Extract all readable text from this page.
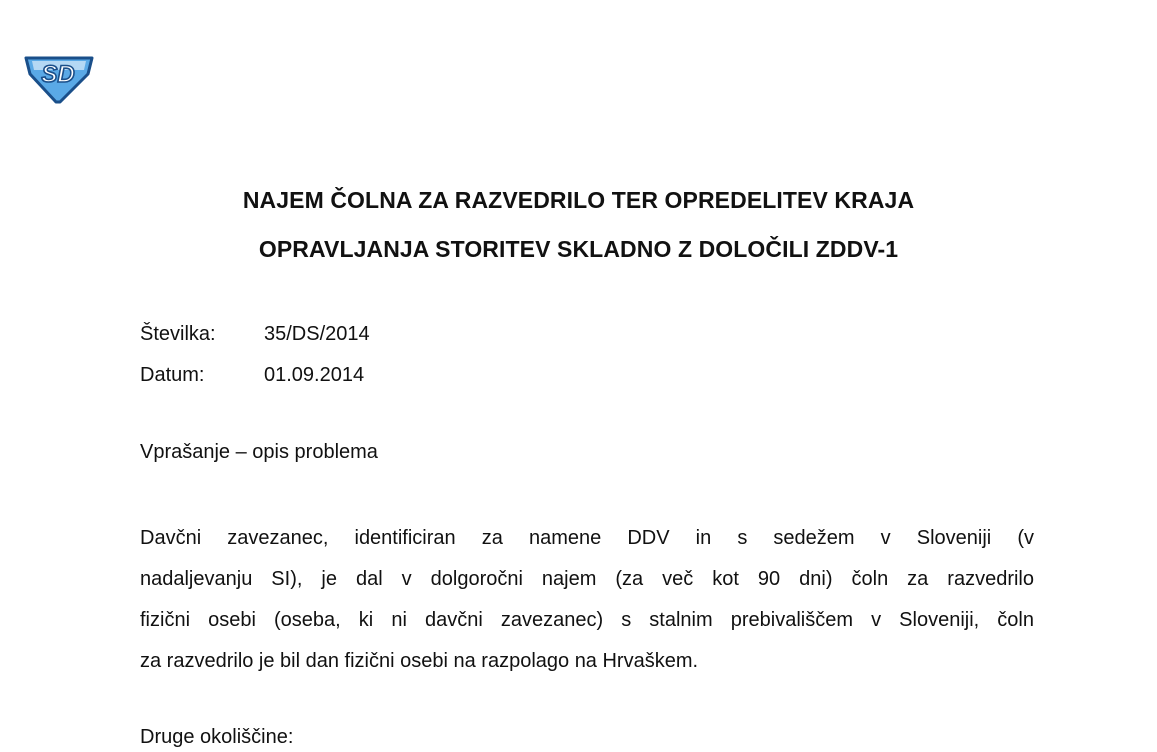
SD
NAJEM ČOLNA ZA RAZVEDRILO TER OPREDELITEV KRAJA
OPRAVLJANJA STORITEV SKLADNO Z DOLOČILI ZDDV-1
Številka:	35/DS/2014
Datum:	01.09.2014
Vprašanje – opis problema
Davčni zavezanec, identificiran za namene DDV in s sedežem v Sloveniji (v
nadaljevanju SI), je dal v dolgoročni najem (za več kot 90 dni) čoln za razvedrilo
fizični osebi (oseba, ki ni davčni zavezanec) s stalnim prebivališčem v Sloveniji, čoln
za razvedrilo je bil dan fizični osebi na razpolago na Hrvaškem.
Druge okoliščine:
